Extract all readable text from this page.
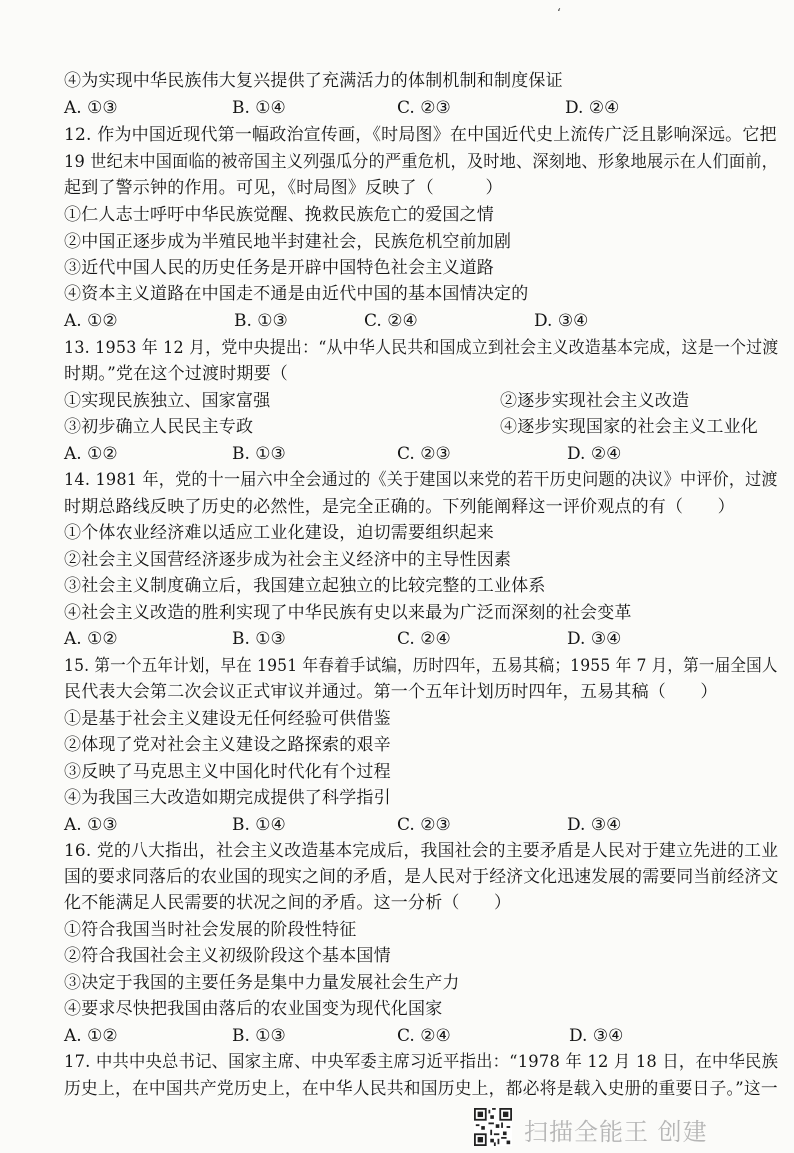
‘
④为实现中华民族伟大复兴提供了充满活力的体制机制和制度保证
A. ①③	B. ①④	C. ②③	D. ②④
12. 作为中国近现代第一幅政治宣传画，《时局图》在中国近代史上流传广泛且影响深远。它把
19 世纪末中国面临的被帝国主义列强瓜分的严重危机，及时地、深刻地、形象地展示在人们面前，
起到了警示钟的作用。可见，《时局图》反映了（　　　）
①仁人志士呼吁中华民族觉醒、挽救民族危亡的爱国之情
②中国正逐步成为半殖民地半封建社会，民族危机空前加剧
③近代中国人民的历史任务是开辟中国特色社会主义道路
④资本主义道路在中国走不通是由近代中国的基本国情决定的
A. ①②	B. ①③	C. ②④	D. ③④
13. 1953 年 12 月，党中央提出：“从中华人民共和国成立到社会主义改造基本完成，这是一个过渡
时期。”党在这个过渡时期要（
①实现民族独立、国家富强	②逐步实现社会主义改造
③初步确立人民民主专政	④逐步实现国家的社会主义工业化
A. ①②	B. ①③	C. ②③	D. ②④
14. 1981 年，党的十一届六中全会通过的《关于建国以来党的若干历史问题的决议》中评价，过渡
时期总路线反映了历史的必然性，是完全正确的。下列能阐释这一评价观点的有（　　）
①个体农业经济难以适应工业化建设，迫切需要组织起来
②社会主义国营经济逐步成为社会主义经济中的主导性因素
③社会主义制度确立后，我国建立起独立的比较完整的工业体系
④社会主义改造的胜利实现了中华民族有史以来最为广泛而深刻的社会变革
A. ①②	B. ①③	C. ②④	D. ③④
15. 第一个五年计划，早在 1951 年春着手试编，历时四年，五易其稿；1955 年 7 月，第一届全国人
民代表大会第二次会议正式审议并通过。第一个五年计划历时四年，五易其稿（　　）
①是基于社会主义建设无任何经验可供借鉴
②体现了党对社会主义建设之路探索的艰辛
③反映了马克思主义中国化时代化有个过程
④为我国三大改造如期完成提供了科学指引
A. ①③	B. ①④	C. ②③	D. ③④
16. 党的八大指出，社会主义改造基本完成后，我国社会的主要矛盾是人民对于建立先进的工业
国的要求同落后的农业国的现实之间的矛盾，是人民对于经济文化迅速发展的需要同当前经济文
化不能满足人民需要的状况之间的矛盾。这一分析（　　）
①符合我国当时社会发展的阶段性特征
②符合我国社会主义初级阶段这个基本国情
③决定于我国的主要任务是集中力量发展社会生产力
④要求尽快把我国由落后的农业国变为现代化国家
A. ①②	B. ①③	C. ②④	D. ③④
17. 中共中央总书记、国家主席、中央军委主席习近平指出：“1978 年 12 月 18 日，在中华民族
历史上，在中国共产党历史上，在中华人民共和国历史上，都必将是载入史册的重要日子。”这一
扫描全能王 创建
